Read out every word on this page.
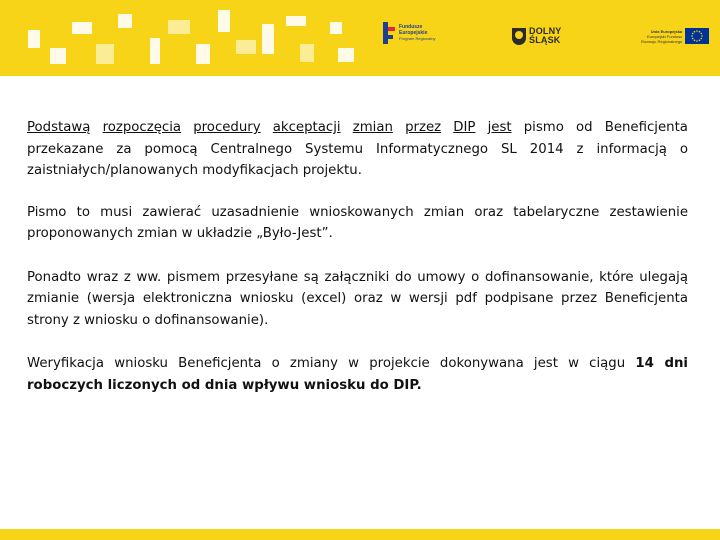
Fundusze
Europejskie
Program Regionalny
DOLNY
ŚLĄSK
Unia Europejska
Europejski Fundusz
Rozwoju Regionalnego

Podstawą rozpoczęcia procedury akceptacji zmian przez DIP jest pismo od Beneficjenta przekazane za pomocą Centralnego Systemu Informatycznego SL 2014 z informacją o zaistniałych/planowanych modyfikacjach projektu.

Pismo to musi zawierać uzasadnienie wnioskowanych zmian oraz tabelaryczne zestawienie proponowanych zmian w układzie „Było-Jest”.

Ponadto wraz z ww. pismem przesyłane są załączniki do umowy o dofinansowanie, które ulegają zmianie (wersja elektroniczna wniosku (excel) oraz w wersji pdf podpisane przez Beneficjenta strony z wniosku o dofinansowanie).

Weryfikacja wniosku Beneficjenta o zmiany w projekcie dokonywana jest w ciągu 14 dni roboczych liczonych od dnia wpływu wniosku do DIP.
